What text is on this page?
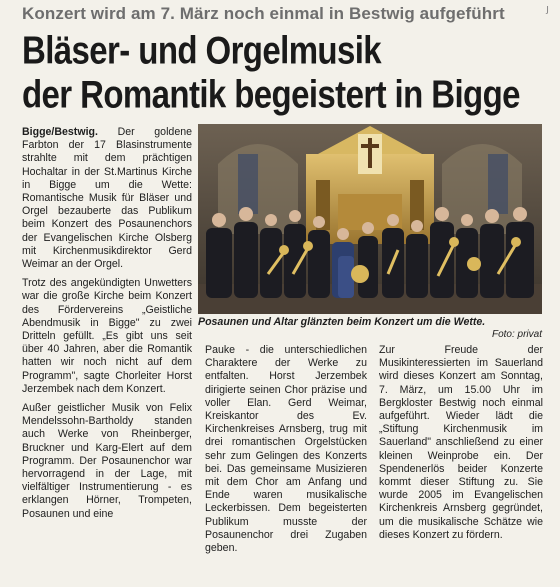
ȷ
Konzert wird am 7. März noch einmal in Bestwig aufgeführt
Bläser- und Orgelmusik
der Romantik begeistert in Bigge

Bigge/Bestwig. Der goldene Farbton der 17 Blasinstrumente strahlte mit dem prächtigen Hochaltar in der St.Martinus Kirche in Bigge um die Wette: Romantische Musik für Bläser und Orgel bezauberte das Publikum beim Konzert des Posaunenchors der Evangelischen Kirche Olsberg mit Kirchenmusikdirektor Gerd Weimar an der Orgel.

Trotz des angekündigten Unwetters war die große Kirche beim Konzert des Fördervereins „Geistliche Abendmusik in Bigge" zu zwei Dritteln gefüllt. „Es gibt uns seit über 40 Jahren, aber die Romantik hatten wir noch nicht auf dem Programm", sagte Chorleiter Horst Jerzembek nach dem Konzert.

Außer geistlicher Musik von Felix Mendelssohn-Bartholdy standen auch Werke von Rheinberger, Bruckner und Karg-Elert auf dem Programm. Der Posaunenchor war hervorragend in der Lage, mit vielfältiger Instrumentierung - es erklangen Hörner, Trompeten, Posaunen und eine

Posaunen und Altar glänzten beim Konzert um die Wette.
Foto: privat

Pauke - die unterschiedlichen Charaktere der Werke zu entfalten. Horst Jerzembek dirigierte seinen Chor präzise und voller Elan. Gerd Weimar, Kreiskantor des Ev. Kirchenkreises Arnsberg, trug mit drei romantischen Orgelstücken sehr zum Gelingen des Konzerts bei. Das gemeinsame Musizieren mit dem Chor am Anfang und Ende waren musikalische Leckerbissen. Dem begeisterten Publikum musste der Posaunenchor drei Zugaben geben.

Zur Freude der Musikinteressierten im Sauerland wird dieses Konzert am Sonntag, 7. März, um 15.00 Uhr im Bergkloster Bestwig noch einmal aufgeführt. Wieder lädt die „Stiftung Kirchenmusik im Sauerland" anschließend zu einer kleinen Weinprobe ein. Der Spendenerlös beider Konzerte kommt dieser Stiftung zu. Sie wurde 2005 im Evangelischen Kirchenkreis Arnsberg gegründet, um die musikalische Schätze wie dieses Konzert zu fördern.
